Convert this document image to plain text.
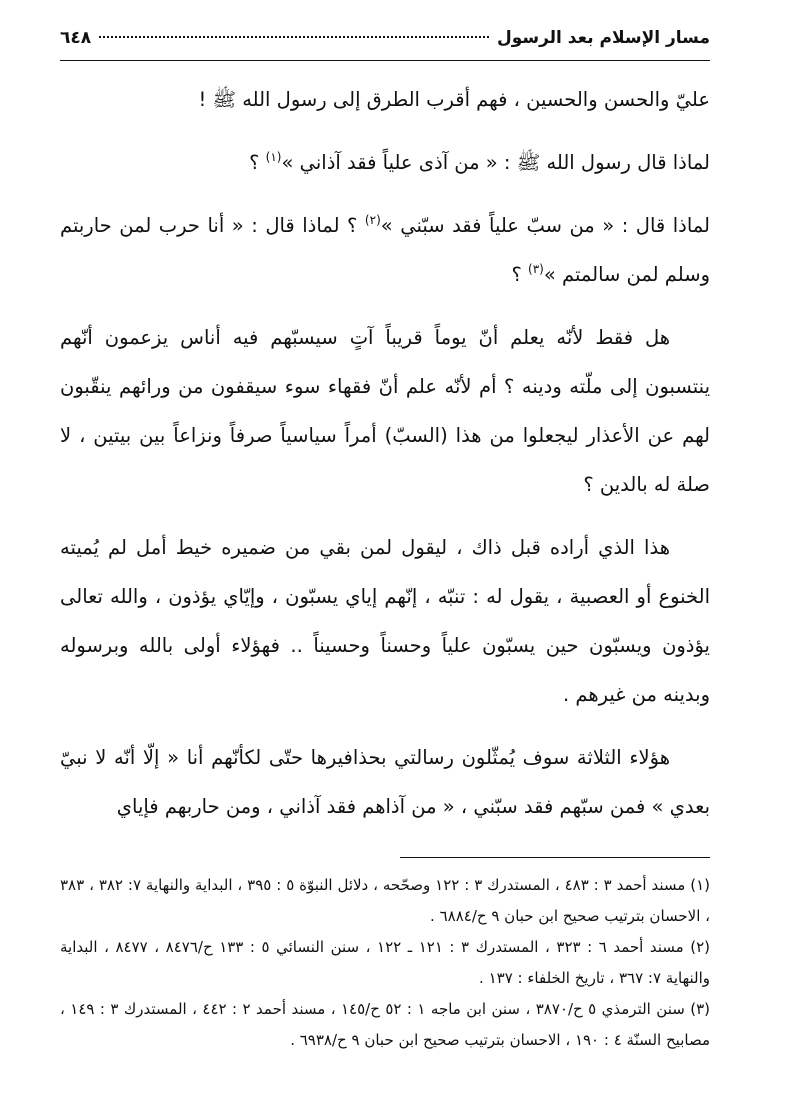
مسار الإسلام بعد الرسول
٦٤٨

عليّ والحسن والحسين ، فهم أقرب الطرق إلى رسول الله ﷺ !

لماذا قال رسول الله ﷺ : « من آذى علياً فقد آذاني »$^{(١)}$ ؟

لماذا قال : « من سبّ علياً فقد سبّني »$^{(٢)}$ ؟ لماذا قال : « أنا حرب لمن حاربتم وسلم لمن سالمتم »$^{(٣)}$ ؟

هل فقط لأنّه يعلم أنّ يوماً قريباً آتٍ سيسبّهم فيه أناس يزعمون أنّهم ينتسبون إلى ملّته ودينه ؟ أم لأنّه علم أنّ فقهاء سوء سيقفون من ورائهم ينقّبون لهم عن الأعذار ليجعلوا من هذا (السبّ) أمراً سياسياً صرفاً ونزاعاً بين بيتين ، لا صلة له بالدين ؟

هذا الذي أراده قبل ذاك ، ليقول لمن بقي من ضميره خيط أمل لم يُميته الخنوع أو العصبية ، يقول له : تنبّه ، إنّهم إياي يسبّون ، وإيّاي يؤذون ، والله تعالى يؤذون ويسبّون حين يسبّون علياً وحسناً وحسيناً .. فهؤلاء أولى بالله وبرسوله وبدينه من غيرهم .

هؤلاء الثلاثة سوف يُمثّلون رسالتي بحذافيرها حتّى لكأنّهم أنا « إلّا أنّه لا نبيّ بعدي » فمن سبّهم فقد سبّني ، « من آذاهم فقد آذاني ، ومن حاربهم فإياي

(١) مسند أحمد ٣ : ٤٨٣ ، المستدرك ٣ : ١٢٢ وصحّحه ، دلائل النبوّة ٥ : ٣٩٥ ، البداية والنهاية ٧: ٣٨٢ ، ٣٨٣ ، الاحسان بترتيب صحيح ابن حبان ٩ ح/٦٨٨٤ .

(٢) مسند أحمد ٦ : ٣٢٣ ، المستدرك ٣ : ١٢١ ـ ١٢٢ ، سنن النسائي ٥ : ١٣٣ ح/٨٤٧٦ ، ٨٤٧٧ ، البداية والنهاية ٧: ٣٦٧ ، تاريخ الخلفاء : ١٣٧ .

(٣) سنن الترمذي ٥ ح/٣٨٧٠ ، سنن ابن ماجه ١ : ٥٢ ح/١٤٥ ، مسند أحمد ٢ : ٤٤٢ ، المستدرك ٣ : ١٤٩ ، مصابيح السنّة ٤ : ١٩٠ ، الاحسان بترتيب صحيح ابن حبان ٩ ح/٦٩٣٨ .
